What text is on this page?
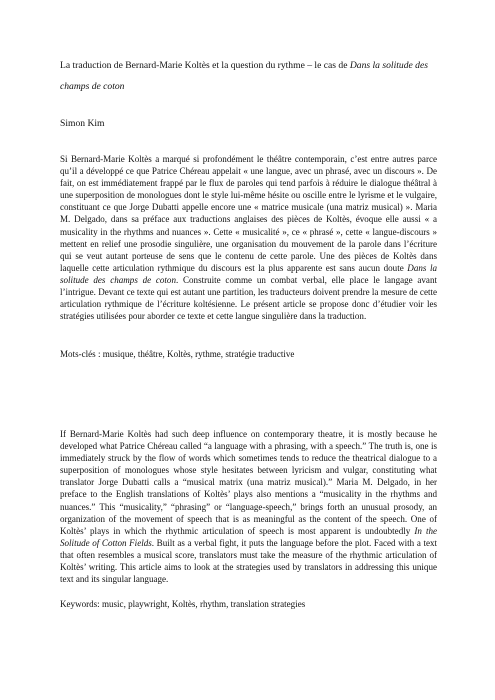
La traduction de Bernard-Marie Koltès et la question du rythme – le cas de Dans la solitude des champs de coton

Simon Kim

Si Bernard-Marie Koltès a marqué si profondément le théâtre contemporain, c’est entre autres parce qu’il a développé ce que Patrice Chéreau appelait « une langue, avec un phrasé, avec un discours ». De fait, on est immédiatement frappé par le flux de paroles qui tend parfois à réduire le dialogue théâtral à une superposition de monologues dont le style lui-même hésite ou oscille entre le lyrisme et le vulgaire, constituant ce que Jorge Dubatti appelle encore une « matrice musicale (una matriz musical) ». Maria M. Delgado, dans sa préface aux traductions anglaises des pièces de Koltès, évoque elle aussi « a musicality in the rhythms and nuances ». Cette « musicalité », ce « phrasé », cette « langue-discours » mettent en relief une prosodie singulière, une organisation du mouvement de la parole dans l’écriture qui se veut autant porteuse de sens que le contenu de cette parole. Une des pièces de Koltès dans laquelle cette articulation rythmique du discours est la plus apparente est sans aucun doute Dans la solitude des champs de coton. Construite comme un combat verbal, elle place le langage avant l’intrigue. Devant ce texte qui est autant une partition, les traducteurs doivent prendre la mesure de cette articulation rythmique de l’écriture koltésienne. Le présent article se propose donc d’étudier voir les stratégies utilisées pour aborder ce texte et cette langue singulière dans la traduction.

Mots-clés : musique, théâtre, Koltès, rythme, stratégie traductive

If Bernard-Marie Koltès had such deep influence on contemporary theatre, it is mostly because he developed what Patrice Chéreau called “a language with a phrasing, with a speech.” The truth is, one is immediately struck by the flow of words which sometimes tends to reduce the theatrical dialogue to a superposition of monologues whose style hesitates between lyricism and vulgar, constituting what translator Jorge Dubatti calls a “musical matrix (una matriz musical).” Maria M. Delgado, in her preface to the English translations of Koltès’ plays also mentions a “musicality in the rhythms and nuances.” This “musicality,” “phrasing” or “language-speech,” brings forth an unusual prosody, an organization of the movement of speech that is as meaningful as the content of the speech. One of Koltès’ plays in which the rhythmic articulation of speech is most apparent is undoubtedly In the Solitude of Cotton Fields. Built as a verbal fight, it puts the language before the plot. Faced with a text that often resembles a musical score, translators must take the measure of the rhythmic articulation of Koltès’ writing. This article aims to look at the strategies used by translators in addressing this unique text and its singular language.

Keywords: music, playwright, Koltès, rhythm, translation strategies
